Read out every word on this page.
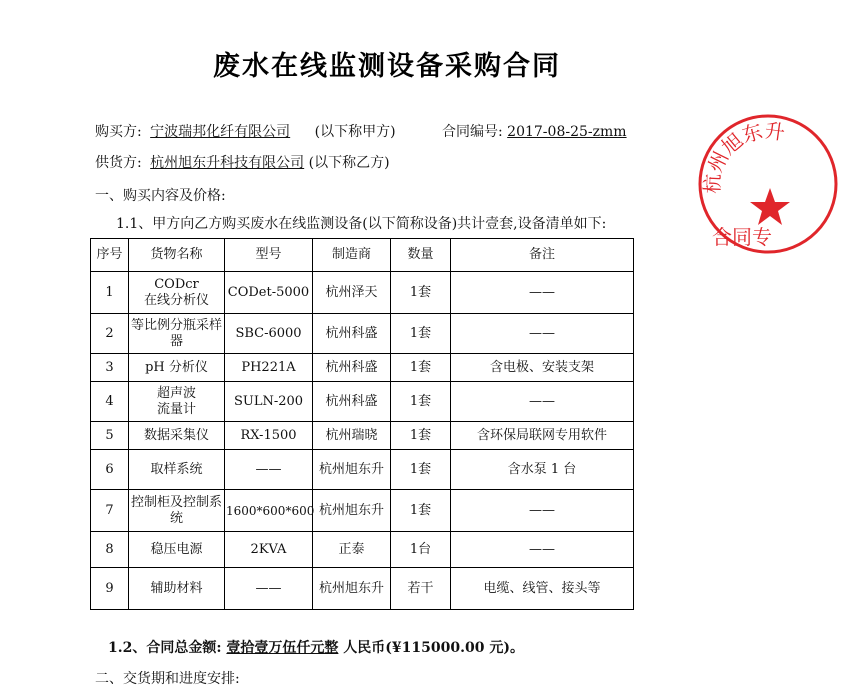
废水在线监测设备采购合同
购买方: 宁波瑞邦化纤有限公司 (以下称甲方)	合同编号: 2017-08-25-zmm
供货方: 杭州旭东升科技有限公司 (以下称乙方)
一、购买内容及价格:
1.1、甲方向乙方购买废水在线监测设备(以下简称设备)共计壹套,设备清单如下:
序号	货物名称	型号	制造商	数量	备注
1	CODcr
在线分析仪	CODet-5000	杭州泽天	1套	——
2	等比例分瓶采样
器	SBC-6000	杭州科盛	1套	——
3	pH 分析仪	PH221A	杭州科盛	1套	含电极、安装支架
4	超声波
流量计	SULN-200	杭州科盛	1套	——
5	数据采集仪	RX-1500	杭州瑞晓	1套	含环保局联网专用软件
6	取样系统	——	杭州旭东升	1套	含水泵 1 台
7	控制柜及控制系
统	1600*600*600	杭州旭东升	1套	——
8	稳压电源	2KVA	正泰	1台	——
9	辅助材料	——	杭州旭东升	若干	电缆、线管、接头等
1.2、合同总金额: 壹拾壹万伍仟元整 人民币(¥115000.00 元)。
二、交货期和进度安排:
杭州旭东升
合同专
